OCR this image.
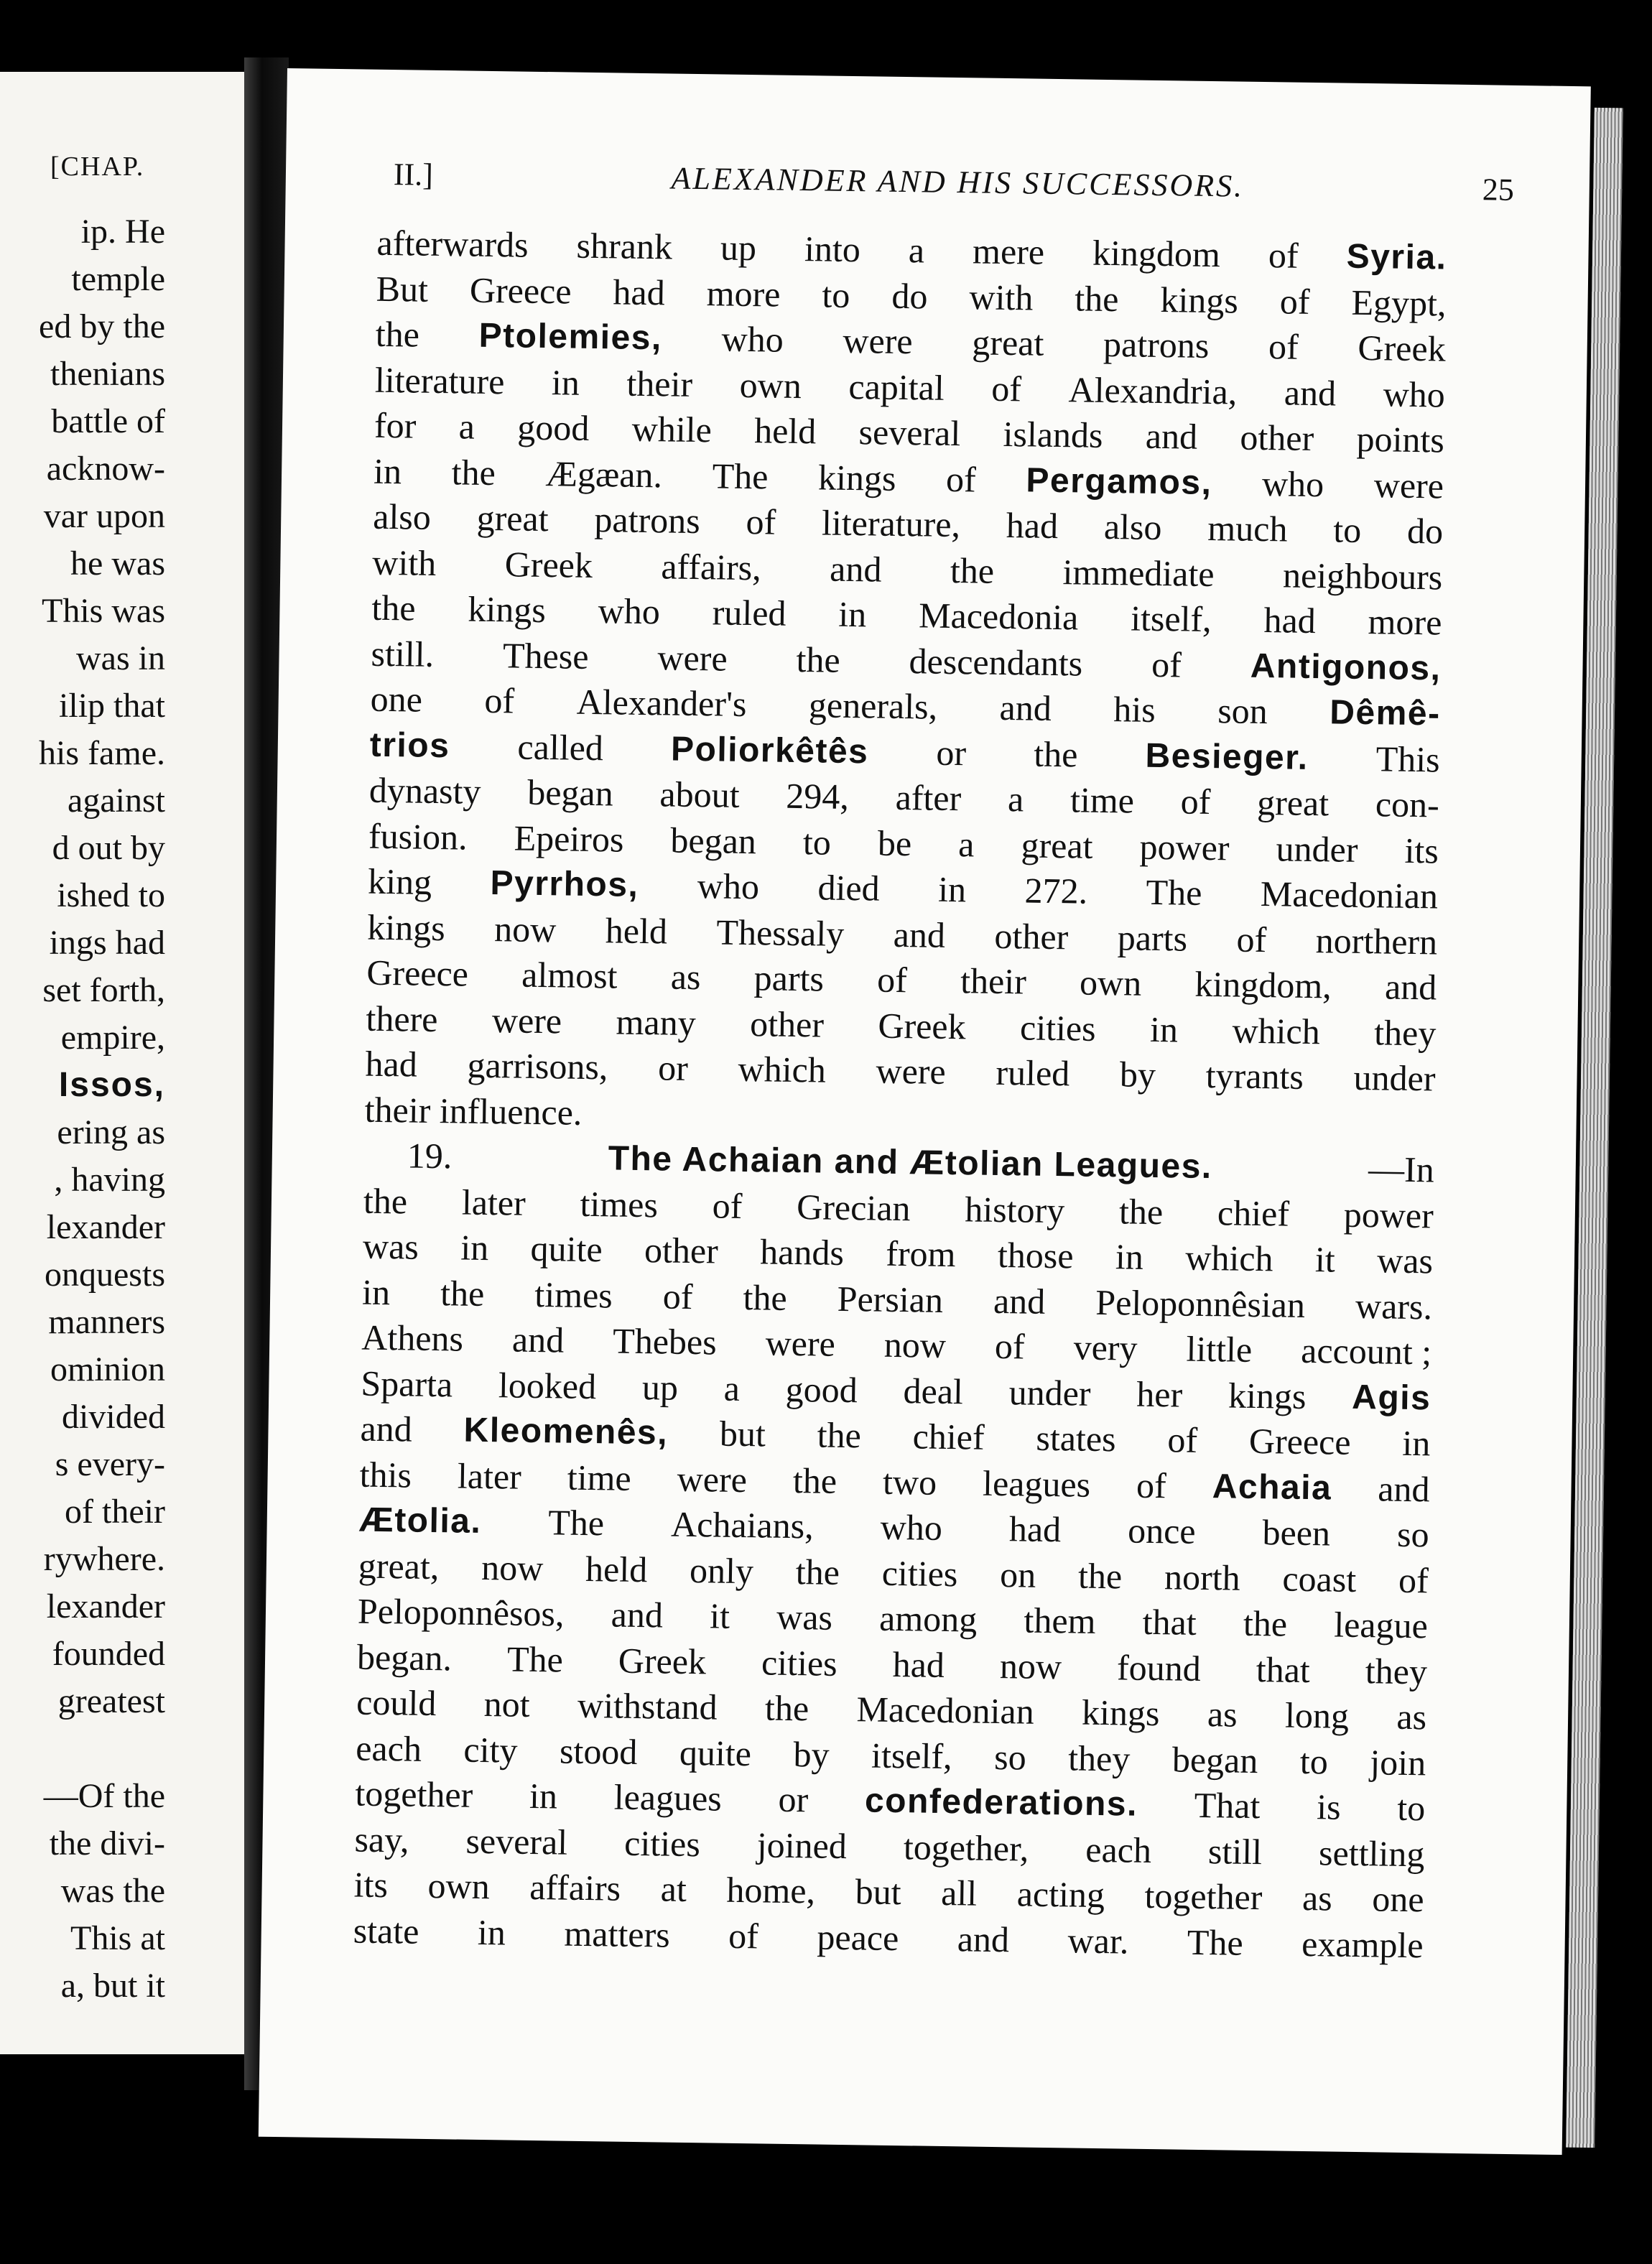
[CHAP.
ip. He
temple
ed by the
thenians
battle of
acknow-
var upon
he was
This was
was in
ilip that
his fame.
against
d out by
ished to
ings had
set forth,
empire,
Issos,
ering as
, having
lexander
onquests
manners
ominion
divided
s every-
of their
rywhere.
lexander
founded
greatest

—Of the
the divi-
was the
This at
a, but it
II.]	ALEXANDER AND HIS SUCCESSORS.	25
afterwards shrank up into a mere kingdom of Syria.
But Greece had more to do with the kings of Egypt,
the Ptolemies, who were great patrons of Greek
literature in their own capital of Alexandria, and who
for a good while held several islands and other points
in the Ægæan. The kings of Pergamos, who were
also great patrons of literature, had also much to do
with Greek affairs, and the immediate neighbours
the kings who ruled in Macedonia itself, had more
still. These were the descendants of Antigonos,
one of Alexander's generals, and his son Dêmê-
trios called Poliorkêtês or the Besieger. This
dynasty began about 294, after a time of great con-
fusion. Epeiros began to be a great power under its
king Pyrrhos, who died in 272. The Macedonian
kings now held Thessaly and other parts of northern
Greece almost as parts of their own kingdom, and
there were many other Greek cities in which they
had garrisons, or which were ruled by tyrants under
their influence.
19.	The Achaian and Ætolian Leagues.	—In
the later times of Grecian history the chief power
was in quite other hands from those in which it was
in the times of the Persian and Peloponnêsian wars.
Athens and Thebes were now of very little account ;
Sparta looked up a good deal under her kings Agis
and Kleomenês, but the chief states of Greece in
this later time were the two leagues of Achaia and
Ætolia. The Achaians, who had once been so
great, now held only the cities on the north coast of
Peloponnêsos, and it was among them that the league
began. The Greek cities had now found that they
could not withstand the Macedonian kings as long as
each city stood quite by itself, so they began to join
together in leagues or confederations. That is to
say, several cities joined together, each still settling
its own affairs at home, but all acting together as one
state in matters of peace and war. The example
